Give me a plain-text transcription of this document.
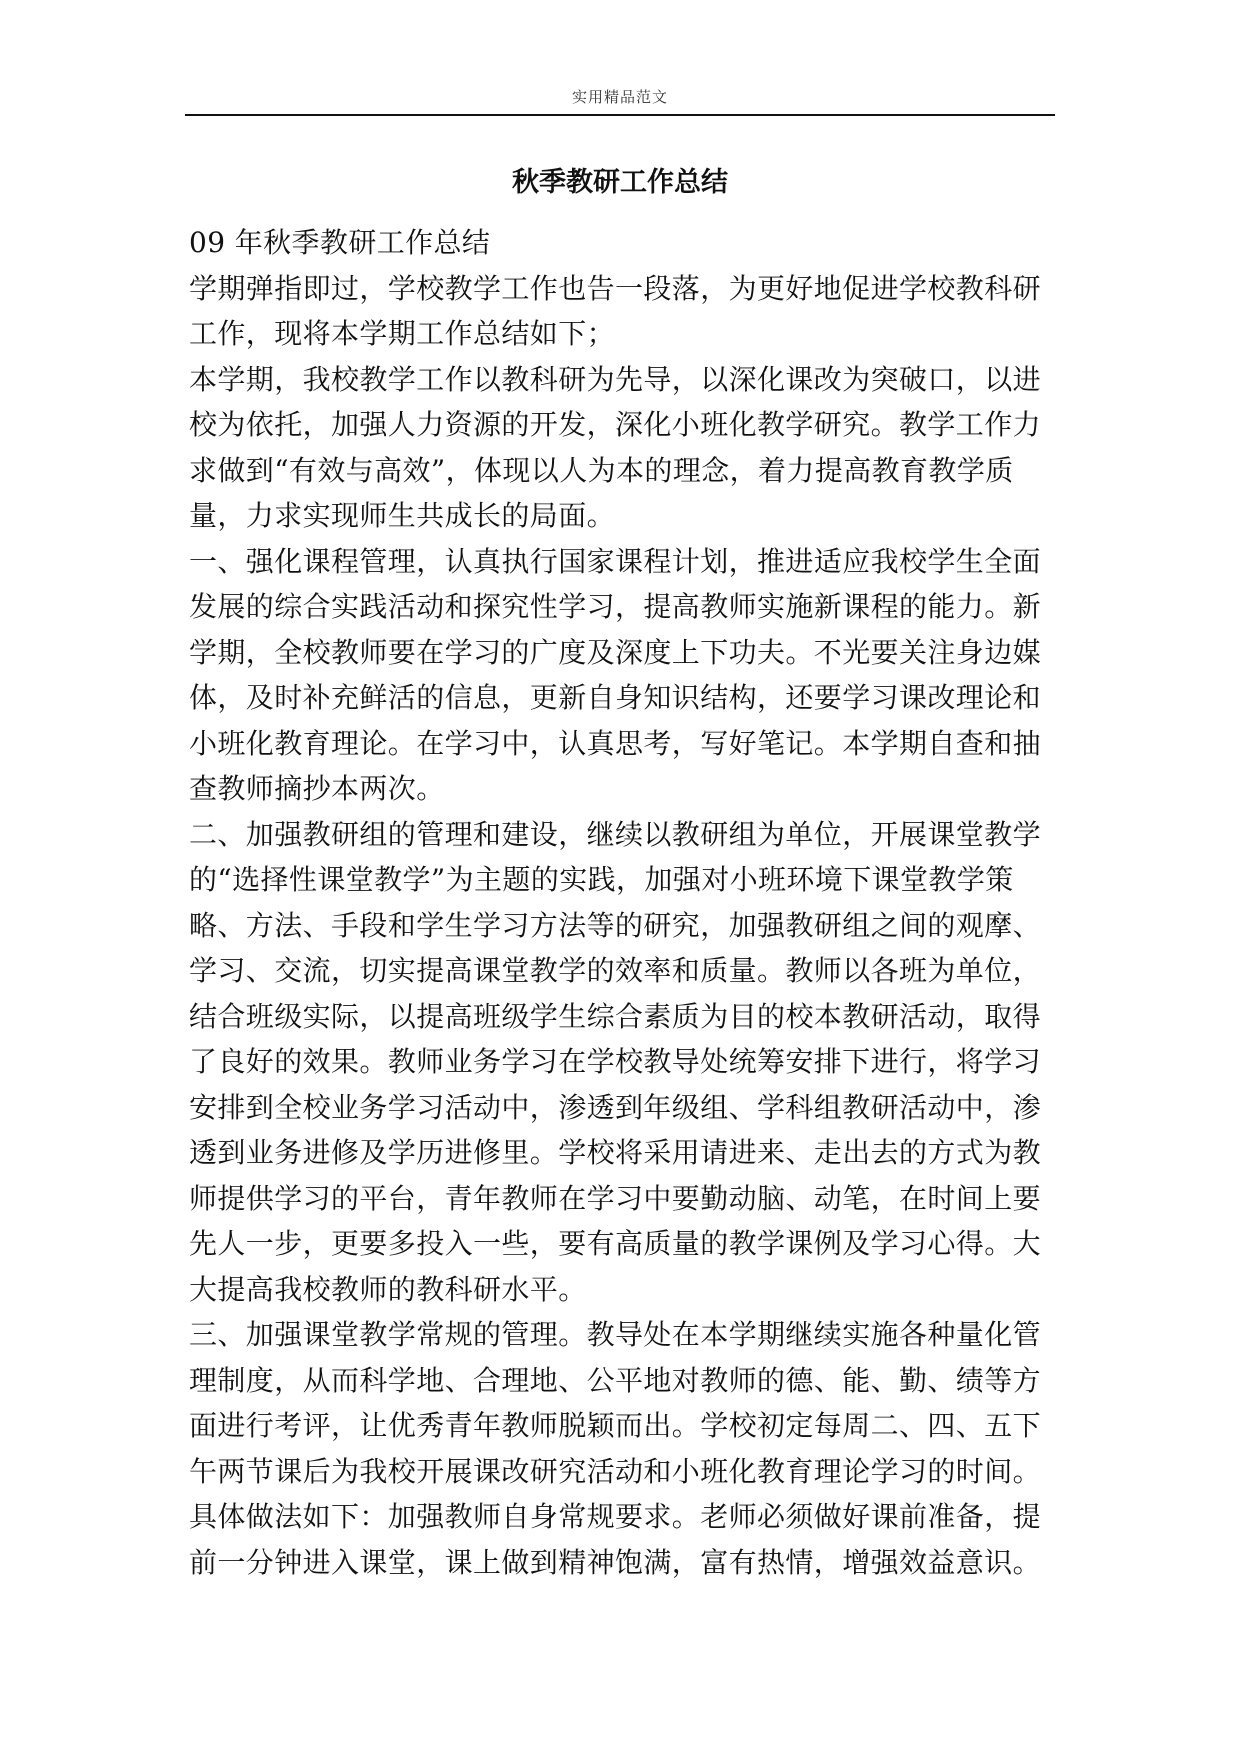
实用精品范文
秋季教研工作总结
09 年秋季教研工作总结
学期弹指即过，学校教学工作也告一段落，为更好地促进学校教科研
工作，现将本学期工作总结如下；
本学期，我校教学工作以教科研为先导，以深化课改为突破口，以进
校为依托，加强人力资源的开发，深化小班化教学研究。教学工作力
求做到“有效与高效”，体现以人为本的理念，着力提高教育教学质
量，力求实现师生共成长的局面。
一、强化课程管理，认真执行国家课程计划，推进适应我校学生全面
发展的综合实践活动和探究性学习，提高教师实施新课程的能力。新
学期，全校教师要在学习的广度及深度上下功夫。不光要关注身边媒
体，及时补充鲜活的信息，更新自身知识结构，还要学习课改理论和
小班化教育理论。在学习中，认真思考，写好笔记。本学期自查和抽
查教师摘抄本两次。
二、加强教研组的管理和建设，继续以教研组为单位，开展课堂教学
的“选择性课堂教学”为主题的实践，加强对小班环境下课堂教学策
略、方法、手段和学生学习方法等的研究，加强教研组之间的观摩、
学习、交流，切实提高课堂教学的效率和质量。教师以各班为单位，
结合班级实际，以提高班级学生综合素质为目的校本教研活动，取得
了良好的效果。教师业务学习在学校教导处统筹安排下进行，将学习
安排到全校业务学习活动中，渗透到年级组、学科组教研活动中，渗
透到业务进修及学历进修里。学校将采用请进来、走出去的方式为教
师提供学习的平台，青年教师在学习中要勤动脑、动笔，在时间上要
先人一步，更要多投入一些，要有高质量的教学课例及学习心得。大
大提高我校教师的教科研水平。
三、加强课堂教学常规的管理。教导处在本学期继续实施各种量化管
理制度，从而科学地、合理地、公平地对教师的德、能、勤、绩等方
面进行考评，让优秀青年教师脱颖而出。学校初定每周二、四、五下
午两节课后为我校开展课改研究活动和小班化教育理论学习的时间。
具体做法如下：加强教师自身常规要求。老师必须做好课前准备，提
前一分钟进入课堂，课上做到精神饱满，富有热情，增强效益意识。
